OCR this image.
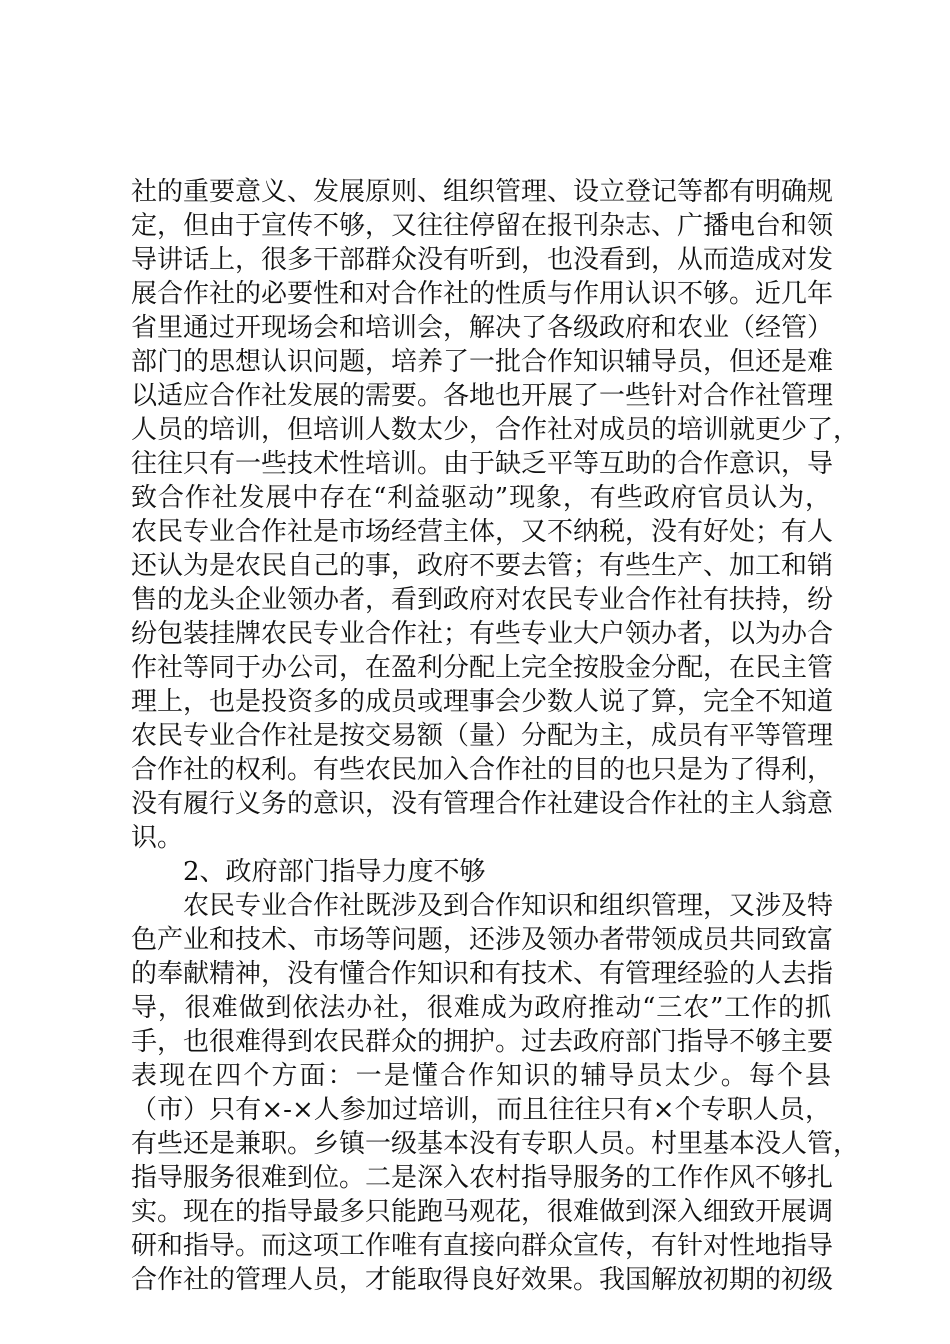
社的重要意义、发展原则、组织管理、设立登记等都有明确规
定，但由于宣传不够，又往往停留在报刊杂志、广播电台和领
导讲话上，很多干部群众没有听到，也没看到，从而造成对发
展合作社的必要性和对合作社的性质与作用认识不够。近几年
省里通过开现场会和培训会，解决了各级政府和农业（经管）
部门的思想认识问题，培养了一批合作知识辅导员，但还是难
以适应合作社发展的需要。各地也开展了一些针对合作社管理
人员的培训，但培训人数太少，合作社对成员的培训就更少了，
往往只有一些技术性培训。由于缺乏平等互助的合作意识，导
致合作社发展中存在“利益驱动”现象，有些政府官员认为，
农民专业合作社是市场经营主体，又不纳税，没有好处；有人
还认为是农民自己的事，政府不要去管；有些生产、加工和销
售的龙头企业领办者，看到政府对农民专业合作社有扶持，纷
纷包装挂牌农民专业合作社；有些专业大户领办者，以为办合
作社等同于办公司，在盈利分配上完全按股金分配，在民主管
理上，也是投资多的成员或理事会少数人说了算，完全不知道
农民专业合作社是按交易额（量）分配为主，成员有平等管理
合作社的权利。有些农民加入合作社的目的也只是为了得利，
没有履行义务的意识，没有管理合作社建设合作社的主人翁意
识。
2、政府部门指导力度不够
农民专业合作社既涉及到合作知识和组织管理，又涉及特
色产业和技术、市场等问题，还涉及领办者带领成员共同致富
的奉献精神，没有懂合作知识和有技术、有管理经验的人去指
导，很难做到依法办社，很难成为政府推动“三农”工作的抓
手，也很难得到农民群众的拥护。过去政府部门指导不够主要
表现在四个方面：一是懂合作知识的辅导员太少。每个县
（市）只有×-×人参加过培训，而且往往只有×个专职人员，
有些还是兼职。乡镇一级基本没有专职人员。村里基本没人管，
指导服务很难到位。二是深入农村指导服务的工作作风不够扎
实。现在的指导最多只能跑马观花，很难做到深入细致开展调
研和指导。而这项工作唯有直接向群众宣传，有针对性地指导
合作社的管理人员，才能取得良好效果。我国解放初期的初级
